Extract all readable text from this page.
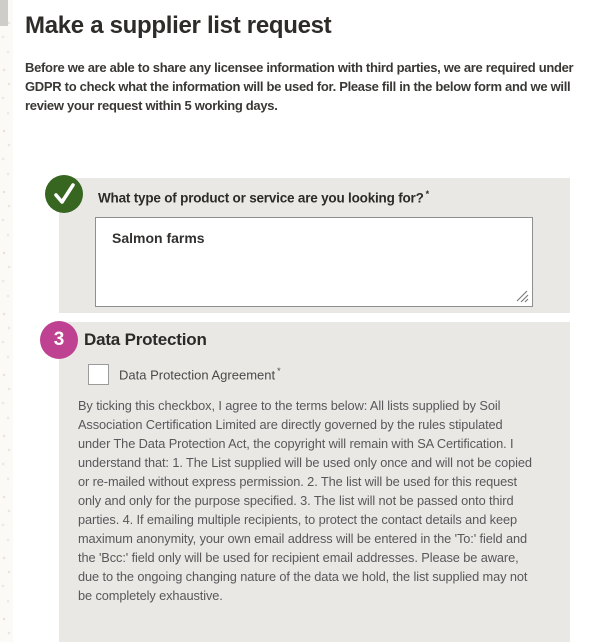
Make a supplier list request

Before we are able to share any licensee information with third parties, we are required under GDPR to check what the information will be used for. Please fill in the below form and we will review your request within 5 working days.

What type of product or service are you looking for? *
Salmon farms
3	Data Protection
Data Protection Agreement *

By ticking this checkbox, I agree to the terms below: All lists supplied by Soil Association Certification Limited are directly governed by the rules stipulated under The Data Protection Act, the copyright will remain with SA Certification. I understand that: 1. The List supplied will be used only once and will not be copied or re-mailed without express permission. 2. The list will be used for this request only and only for the purpose specified. 3. The list will not be passed onto third parties. 4. If emailing multiple recipients, to protect the contact details and keep maximum anonymity, your own email address will be entered in the 'To:' field and the 'Bcc:' field only will be used for recipient email addresses. Please be aware, due to the ongoing changing nature of the data we hold, the list supplied may not be completely exhaustive.
